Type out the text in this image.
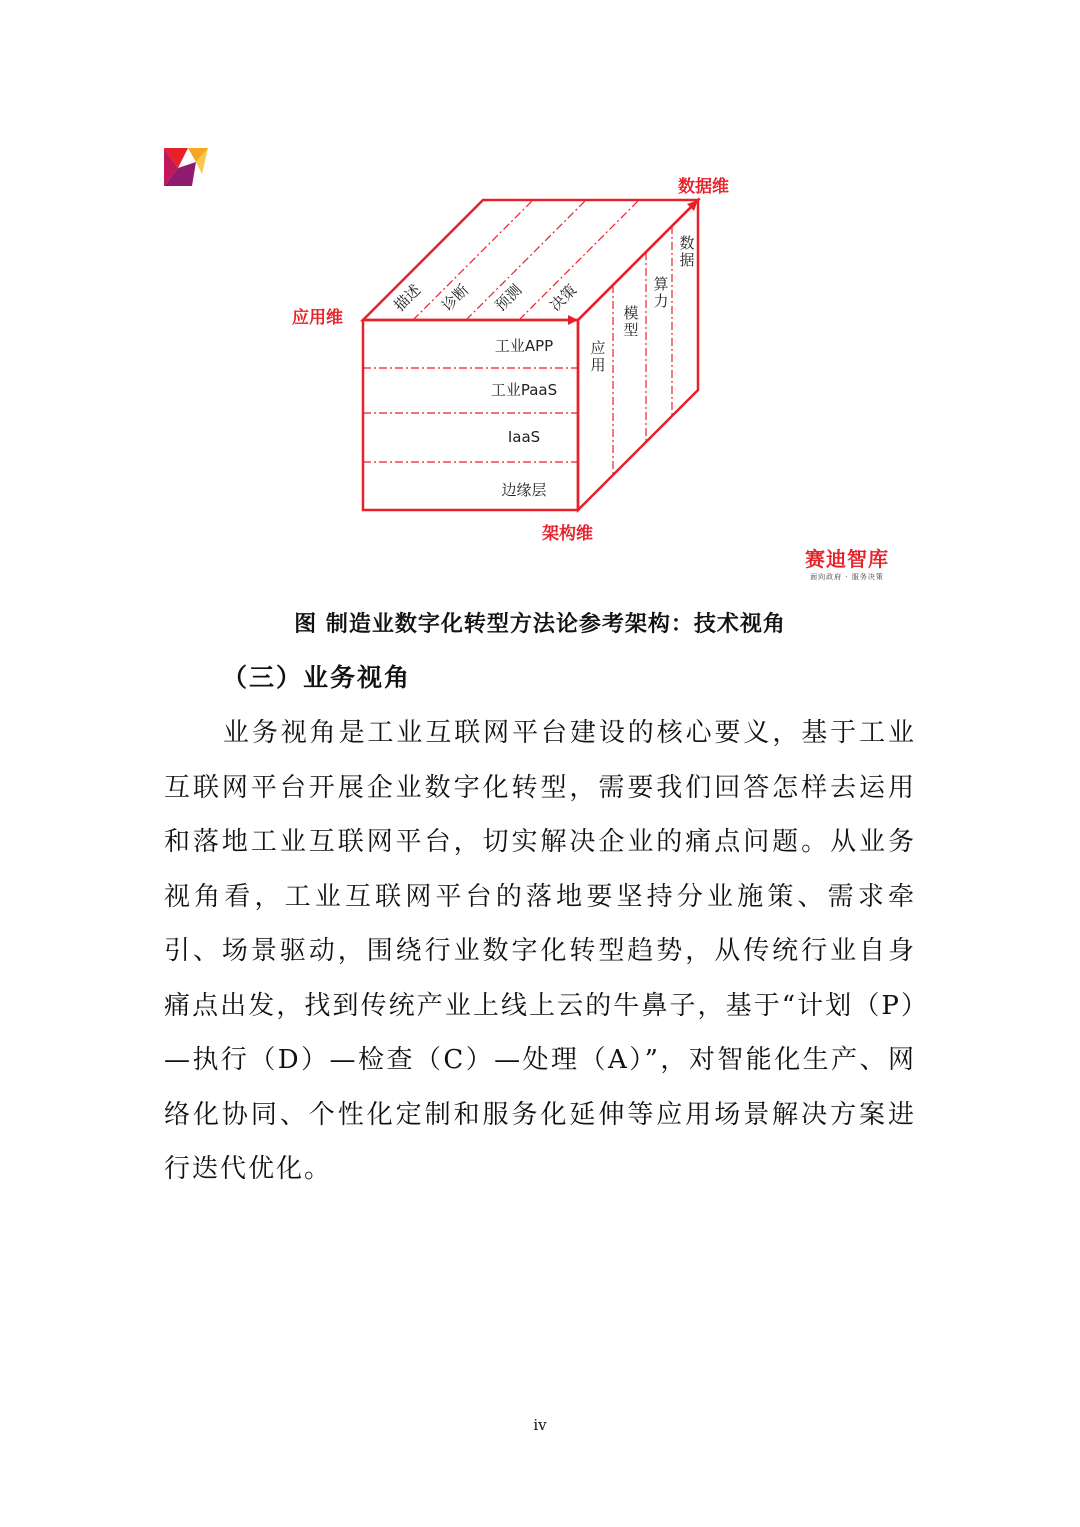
数据维
应用维
架构维
描述 诊断 预测 决策
工业APP
工业PaaS
IaaS
边缘层
应用
模型
算力
数据
赛迪智库
面向政府 · 服务决策
图 制造业数字化转型方法论参考架构：技术视角
（三）业务视角

业务视角是工业互联网平台建设的核心要义，基于工业互联网平台开展企业数字化转型，需要我们回答怎样去运用和落地工业互联网平台，切实解决企业的痛点问题。从业务视角看，工业互联网平台的落地要坚持分业施策、需求牵引、场景驱动，围绕行业数字化转型趋势，从传统行业自身痛点出发，找到传统产业上线上云的牛鼻子，基于“计划（P）—执行（D）—检查（C）—处理（A）”，对智能化生产、网络化协同、个性化定制和服务化延伸等应用场景解决方案进行迭代优化。

iv
